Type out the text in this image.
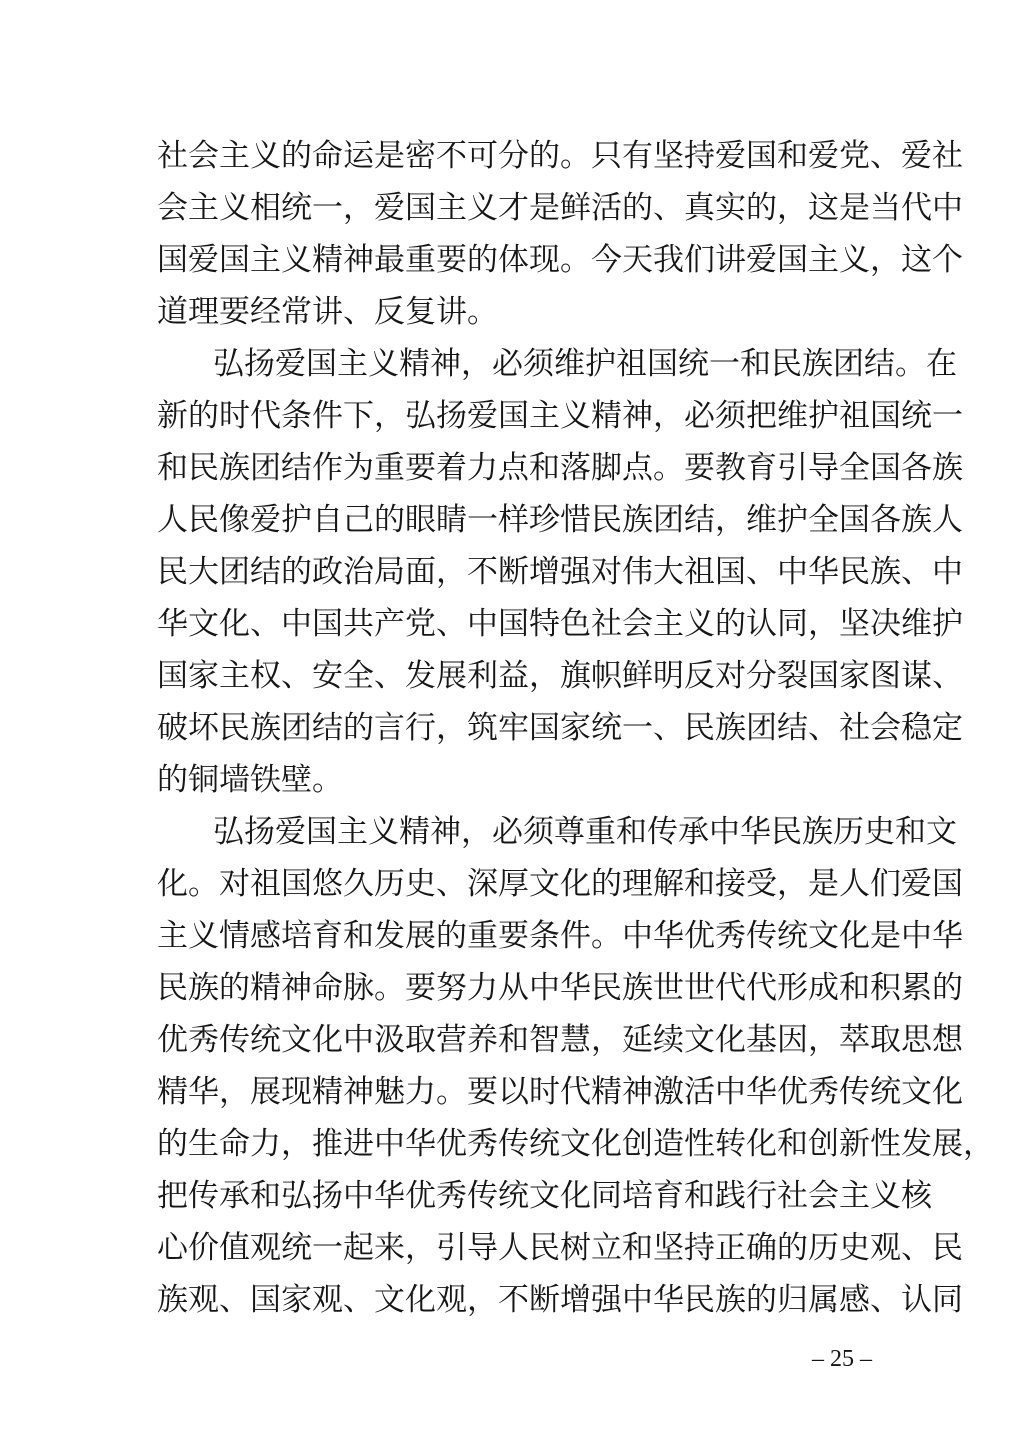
社会主义的命运是密不可分的。只有坚持爱国和爱党、爱社
会主义相统一，爱国主义才是鲜活的、真实的，这是当代中
国爱国主义精神最重要的体现。今天我们讲爱国主义，这个
道理要经常讲、反复讲。
弘扬爱国主义精神，必须维护祖国统一和民族团结。在
新的时代条件下，弘扬爱国主义精神，必须把维护祖国统一
和民族团结作为重要着力点和落脚点。要教育引导全国各族
人民像爱护自己的眼睛一样珍惜民族团结，维护全国各族人
民大团结的政治局面，不断增强对伟大祖国、中华民族、中
华文化、中国共产党、中国特色社会主义的认同，坚决维护
国家主权、安全、发展利益，旗帜鲜明反对分裂国家图谋、
破坏民族团结的言行，筑牢国家统一、民族团结、社会稳定
的铜墙铁壁。
弘扬爱国主义精神，必须尊重和传承中华民族历史和文
化。对祖国悠久历史、深厚文化的理解和接受，是人们爱国
主义情感培育和发展的重要条件。中华优秀传统文化是中华
民族的精神命脉。要努力从中华民族世世代代形成和积累的
优秀传统文化中汲取营养和智慧，延续文化基因，萃取思想
精华，展现精神魅力。要以时代精神激活中华优秀传统文化
的生命力，推进中华优秀传统文化创造性转化和创新性发展，
把传承和弘扬中华优秀传统文化同培育和践行社会主义核
心价值观统一起来，引导人民树立和坚持正确的历史观、民
族观、国家观、文化观，不断增强中华民族的归属感、认同
– 25 –
